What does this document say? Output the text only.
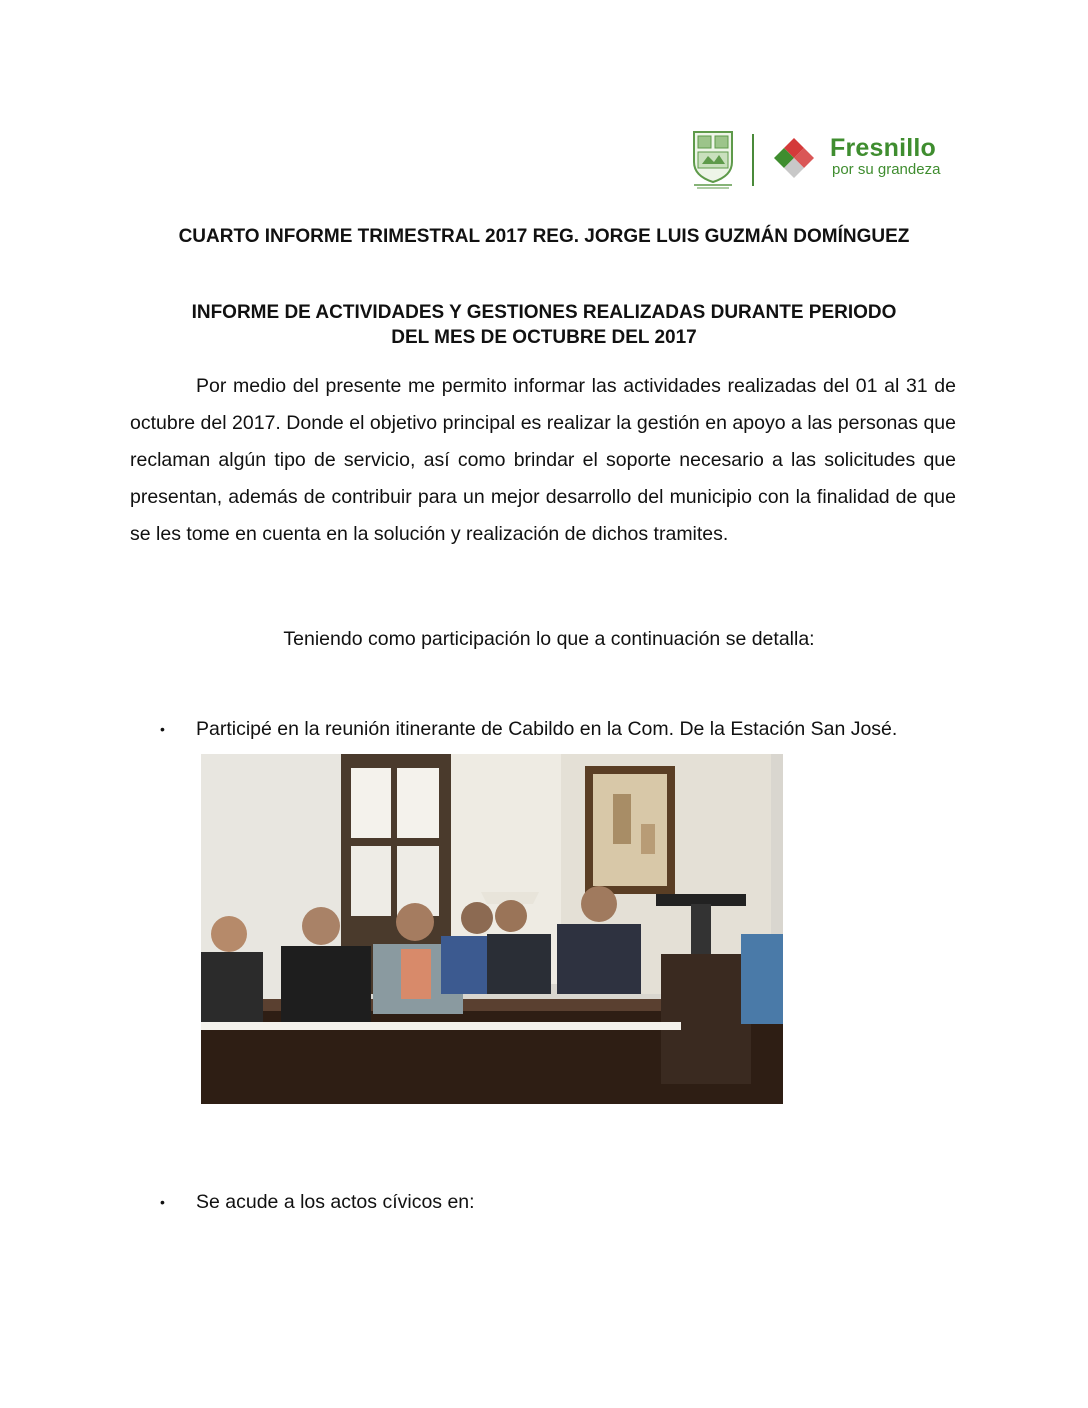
Fresnillo
por su grandeza
CUARTO INFORME TRIMESTRAL 2017 REG. JORGE LUIS GUZMÁN DOMÍNGUEZ
INFORME DE ACTIVIDADES Y GESTIONES REALIZADAS DURANTE PERIODO
DEL MES DE OCTUBRE DEL 2017

Por medio del presente me permito informar las actividades realizadas del 01 al 31 de octubre del 2017. Donde el objetivo principal es realizar la gestión en apoyo a las personas que reclaman algún tipo de servicio, así como brindar el soporte necesario a las solicitudes que presentan, además de contribuir para un mejor desarrollo del municipio con la finalidad de que se les tome en cuenta en la solución y realización de dichos tramites.

Teniendo como participación lo que a continuación se detalla:

• Participé en la reunión itinerante de Cabildo en la Com. De la Estación San José.
• Se acude a los actos cívicos en:
